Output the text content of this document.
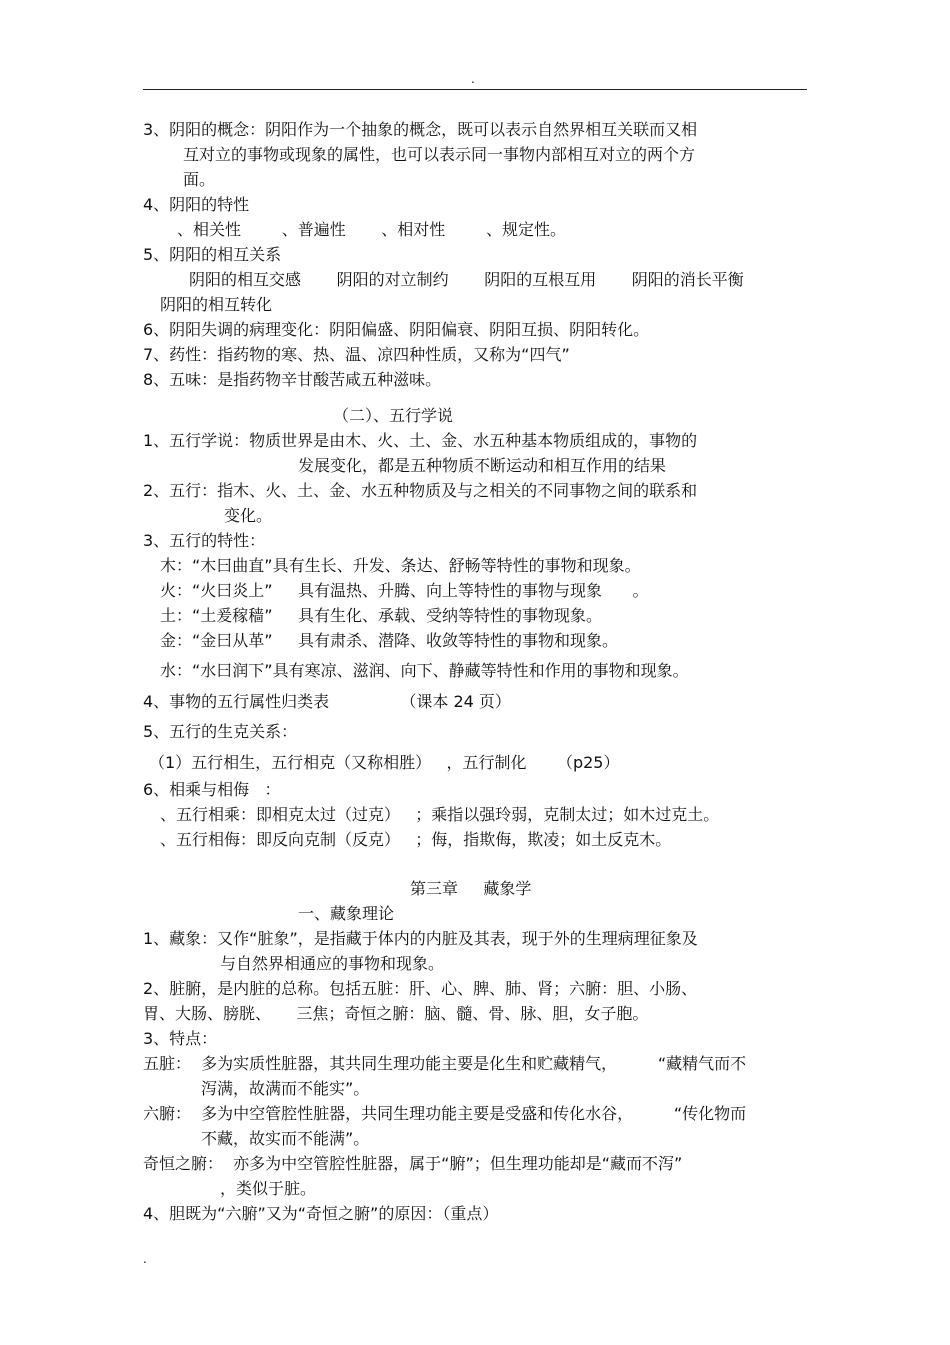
.
3、阴阳的概念：阴阳作为一个抽象的概念，既可以表示自然界相互关联而又相
互对立的事物或现象的属性，也可以表示同一事物内部相互对立的两个方
面。
4、阴阳的特性
、相关性        、普遍性       、相对性        、规定性。
5、阴阳的相互关系
阴阳的相互交感       阴阳的对立制约       阴阳的互根互用       阴阳的消长平衡
阴阳的相互转化
6、阴阳失调的病理变化：阴阳偏盛、阴阳偏衰、阴阳互损、阴阳转化。
7、药性：指药物的寒、热、温、凉四种性质，又称为“四气”
8、五味：是指药物辛甘酸苦咸五种滋味。
（二）、五行学说
1、五行学说：物质世界是由木、火、土、金、水五种基本物质组成的，事物的
发展变化，都是五种物质不断运动和相互作用的结果
2、五行：指木、火、土、金、水五种物质及与之相关的不同事物之间的联系和
变化。
3、五行的特性：
木：“木曰曲直”具有生长、升发、条达、舒畅等特性的事物和现象。
火：“火曰炎上”     具有温热、升腾、向上等特性的事物与现象      。
土：“土爰稼穑”     具有生化、承载、受纳等特性的事物现象。
金：“金曰从革”     具有肃杀、潜降、收敛等特性的事物和现象。
水：“水曰润下”具有寒凉、滋润、向下、静藏等特性和作用的事物和现象。
4、事物的五行属性归类表              （课本 24 页）
5、五行的生克关系：
（1）五行相生，五行相克（又称相胜）   ，五行制化      （p25）
6、相乘与相侮   ：
、五行相乘：即相克太过（过克）   ；乘指以强玲弱，克制太过；如木过克土。
、五行相侮：即反向克制（反克）   ；侮，指欺侮，欺凌；如土反克木。
第三章     藏象学
一、藏象理论
1、藏象：又作“脏象”，是指藏于体内的内脏及其表，现于外的生理病理征象及
与自然界相通应的事物和现象。
2、脏腑，是内脏的总称。包括五脏：肝、心、脾、肺、肾；六腑：胆、小肠、
胃、大肠、膀胱、     三焦；奇恒之腑：脑、髓、骨、脉、胆，女子胞。
3、特点：
五脏：  多为实质性脏器，其共同生理功能主要是化生和贮藏精气，        “藏精气而不
泻满，故满而不能实”。
六腑：  多为中空管腔性脏器，共同生理功能主要是受盛和传化水谷，        “传化物而
不藏，故实而不能满”。
奇恒之腑：  亦多为中空管腔性脏器，属于“腑”；但生理功能却是“藏而不泻”
，类似于脏。
4、胆既为“六腑”又为“奇恒之腑”的原因：（重点）
.
